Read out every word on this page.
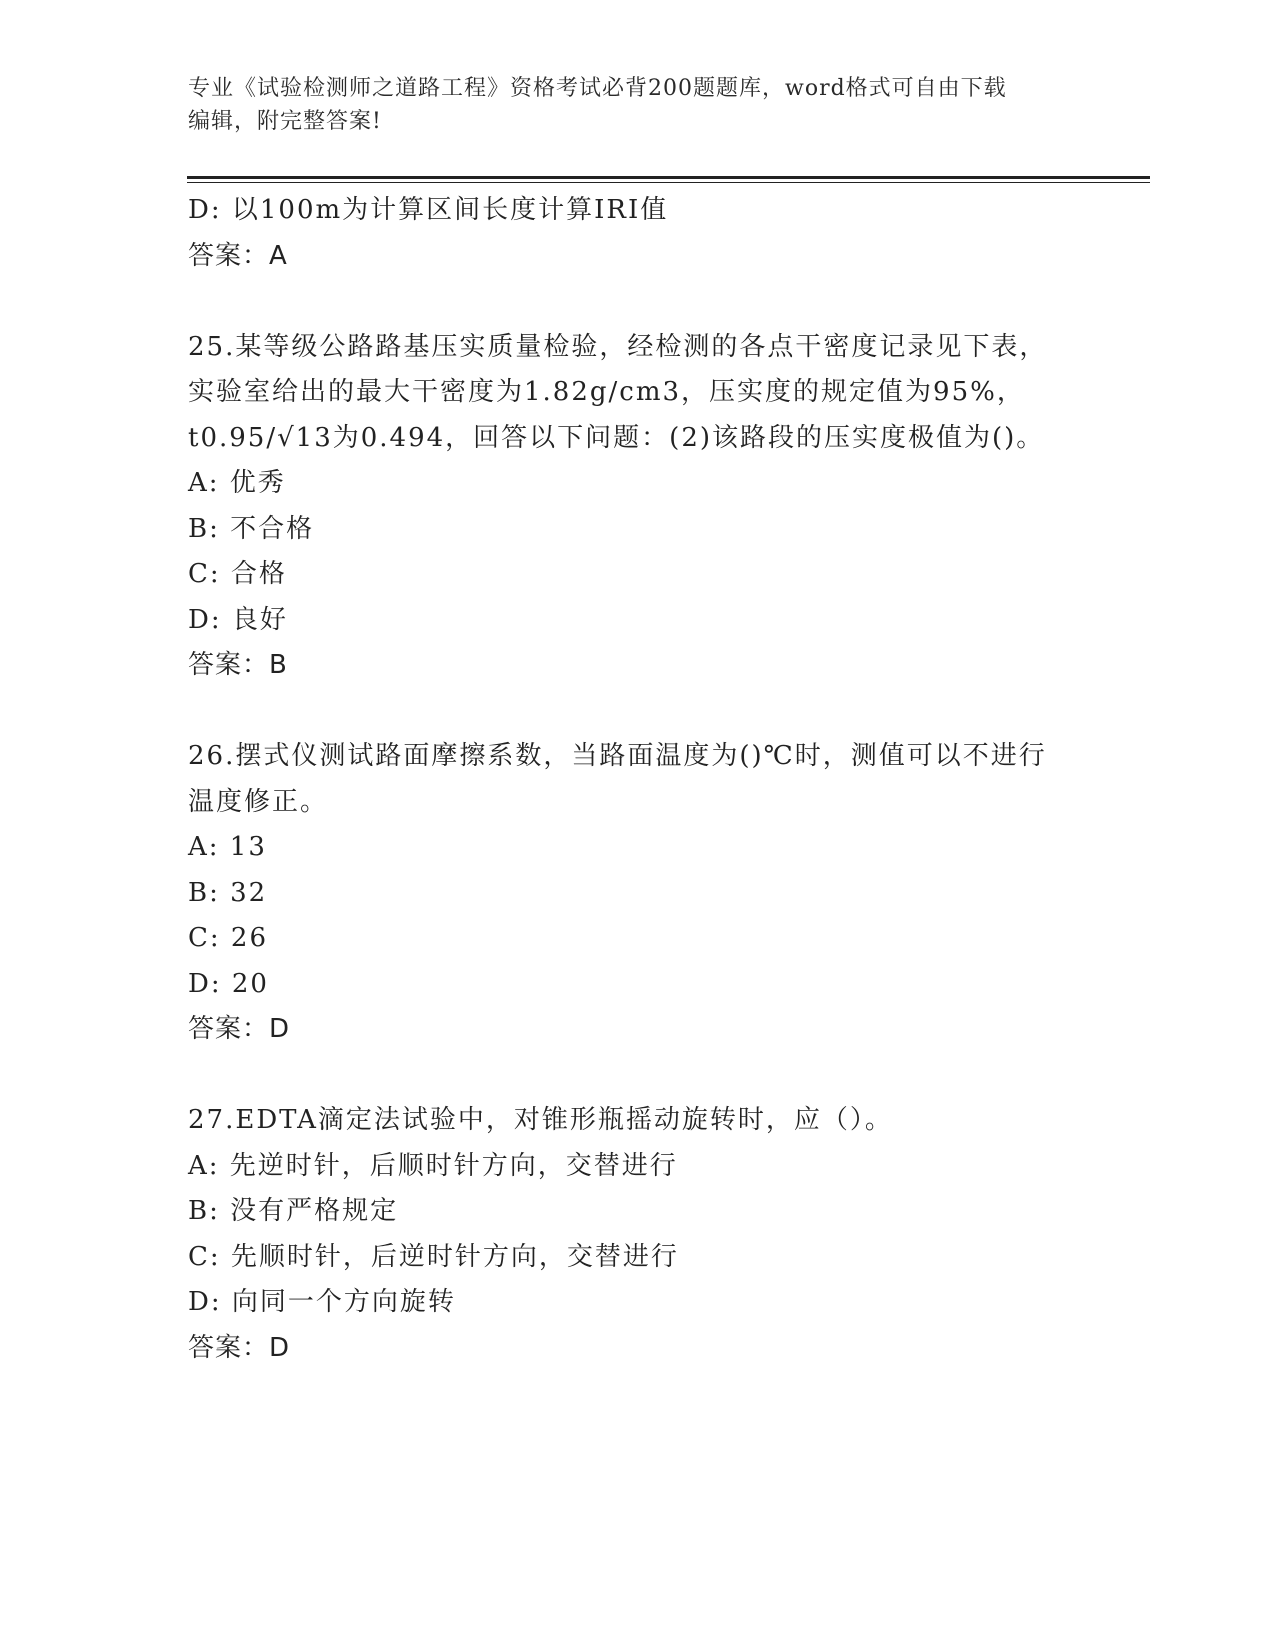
专业《试验检测师之道路工程》资格考试必背200题题库，word格式可自由下载
编辑，附完整答案!
D: 以100m为计算区间长度计算IRI值
答案：A
25.某等级公路路基压实质量检验，经检测的各点干密度记录见下表，
实验室给出的最大干密度为1.82g/cm3，压实度的规定值为95%，
t0.95/√13为0.494，回答以下问题：(2)该路段的压实度极值为()。
A: 优秀
B: 不合格
C: 合格
D: 良好
答案：B
26.摆式仪测试路面摩擦系数，当路面温度为()℃时，测值可以不进行
温度修正。
A: 13
B: 32
C: 26
D: 20
答案：D
27.EDTA滴定法试验中，对锥形瓶摇动旋转时，应（）。
A: 先逆时针，后顺时针方向，交替进行
B: 没有严格规定
C: 先顺时针，后逆时针方向，交替进行
D: 向同一个方向旋转
答案：D
